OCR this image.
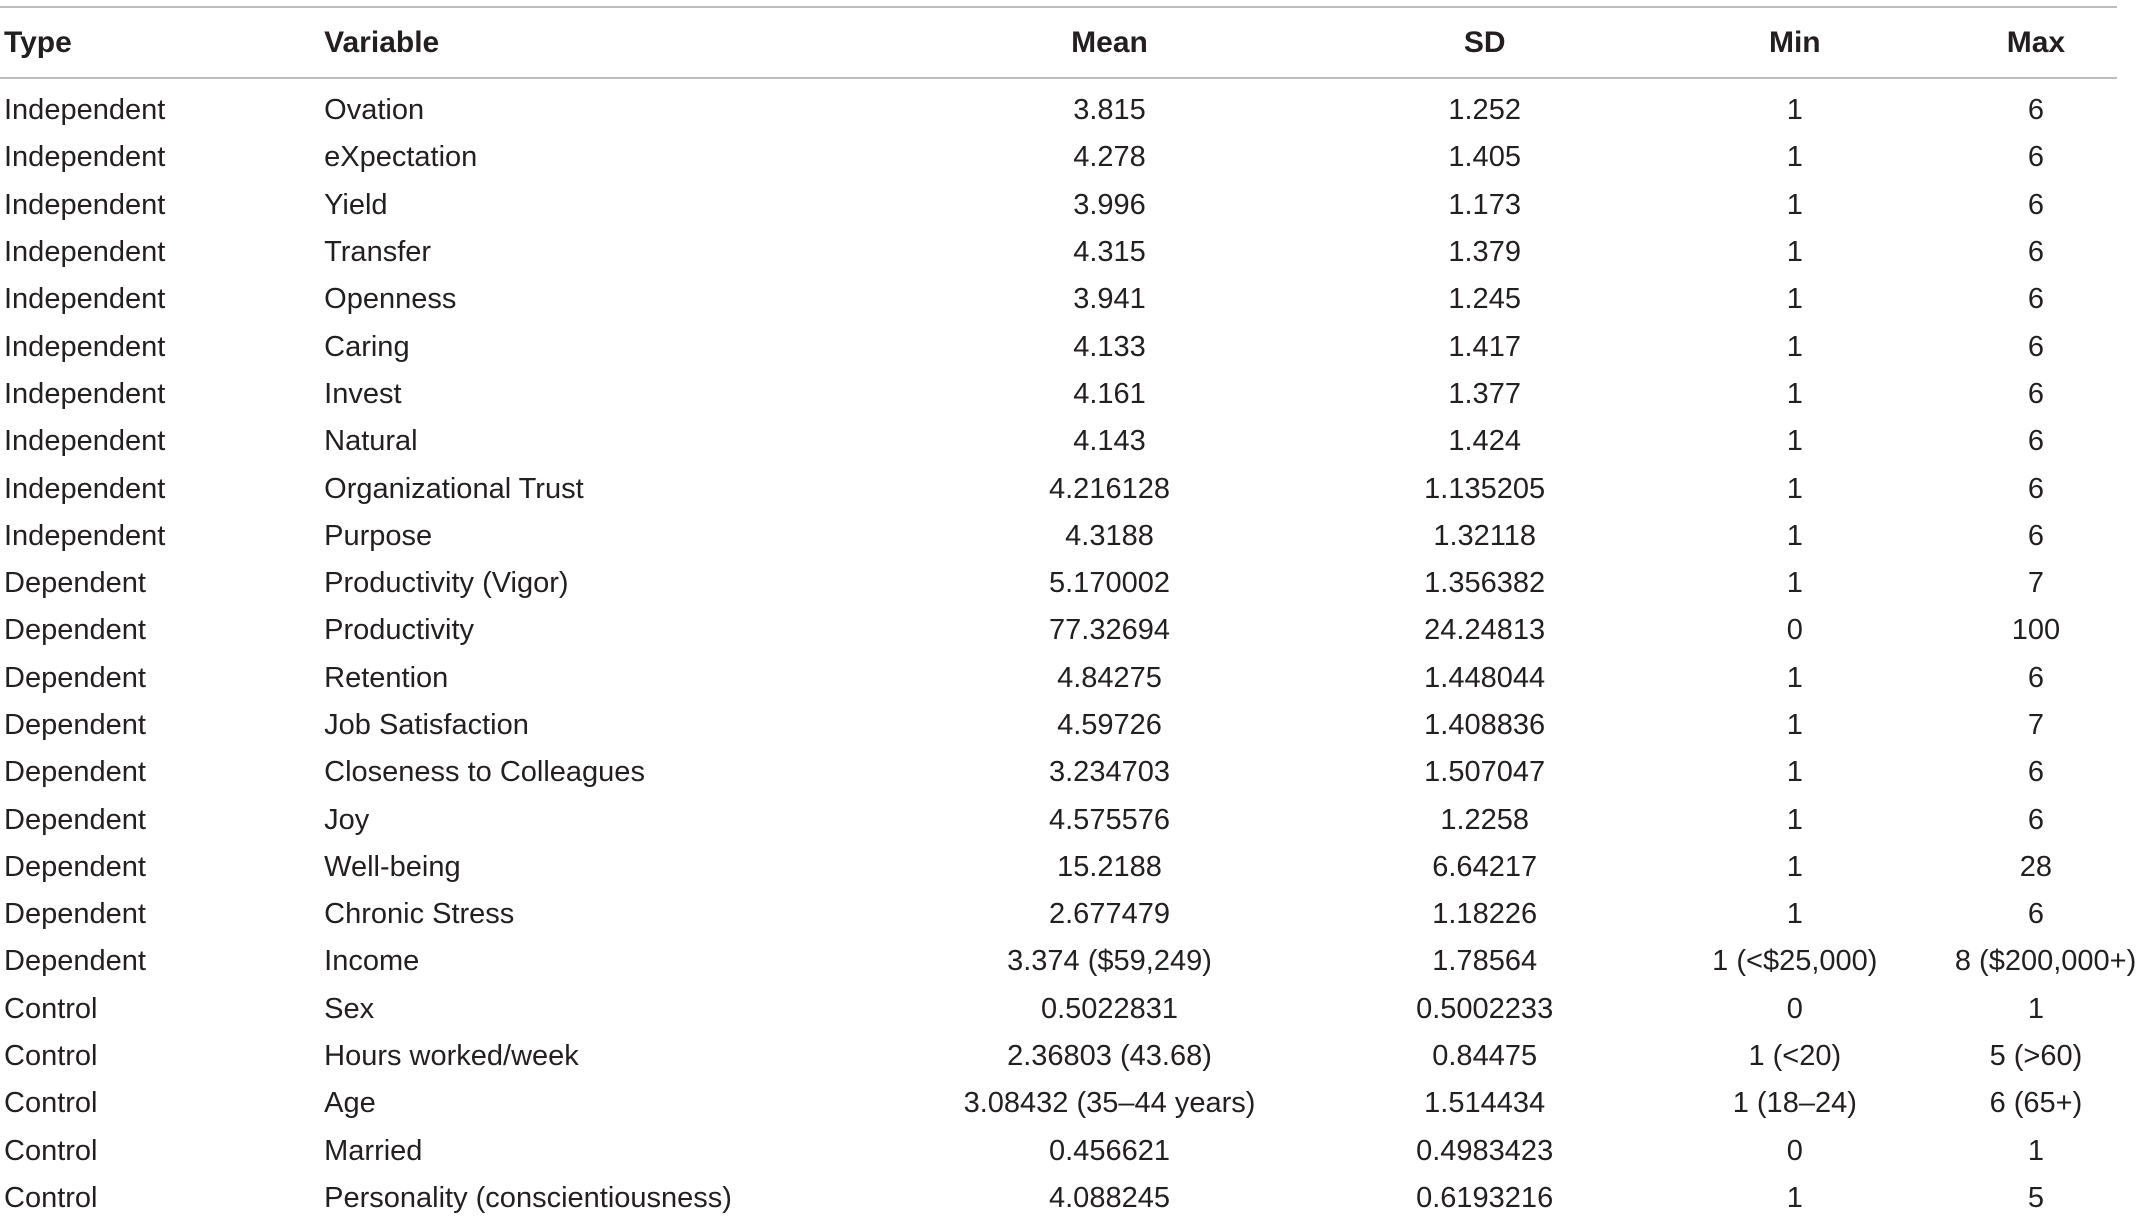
Type	Variable	Mean	SD	Min	Max
Independent	Ovation	3.815	1.252	1	6
Independent	eXpectation	4.278	1.405	1	6
Independent	Yield	3.996	1.173	1	6
Independent	Transfer	4.315	1.379	1	6
Independent	Openness	3.941	1.245	1	6
Independent	Caring	4.133	1.417	1	6
Independent	Invest	4.161	1.377	1	6
Independent	Natural	4.143	1.424	1	6
Independent	Organizational Trust	4.216128	1.135205	1	6
Independent	Purpose	4.3188	1.32118	1	6
Dependent	Productivity (Vigor)	5.170002	1.356382	1	7
Dependent	Productivity	77.32694	24.24813	0	100
Dependent	Retention	4.84275	1.448044	1	6
Dependent	Job Satisfaction	4.59726	1.408836	1	7
Dependent	Closeness to Colleagues	3.234703	1.507047	1	6
Dependent	Joy	4.575576	1.2258	1	6
Dependent	Well-being	15.2188	6.64217	1	28
Dependent	Chronic Stress	2.677479	1.18226	1	6
Dependent	Income	3.374 ($59,249)	1.78564	1 (<$25,000)	8 ($200,000+)
Control	Sex	0.5022831	0.5002233	0	1
Control	Hours worked/week	2.36803 (43.68)	0.84475	1 (<20)	5 (>60)
Control	Age	3.08432 (35–44 years)	1.514434	1 (18–24)	6 (65+)
Control	Married	0.456621	0.4983423	0	1
Control	Personality (conscientiousness)	4.088245	0.6193216	1	5
